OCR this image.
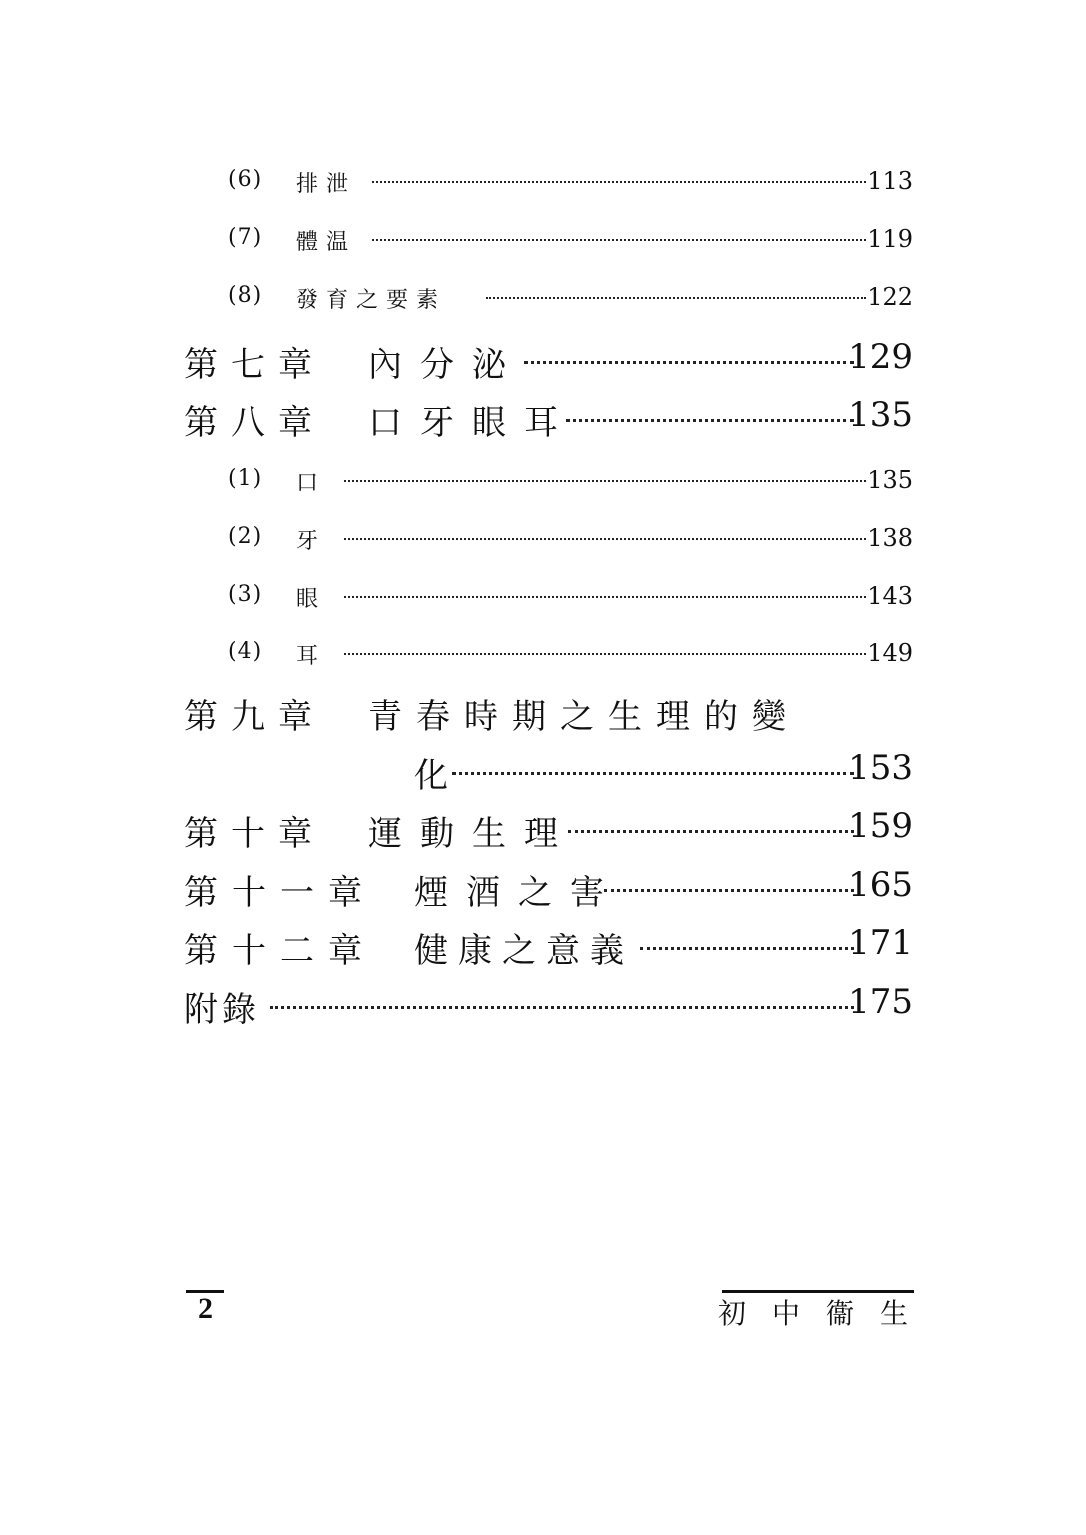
(6) 排泄	113
(7) 體温	119
(8) 發育之要素	122
第七章 內分泌	129
第八章 口牙眼耳	135
(1) 口	135
(2) 牙	138
(3) 眼	143
(4) 耳	149
第九章 青春時期之生理的變
化	153
第十章 運動生理	159
第十一章 煙酒之害	165
第十二章 健康之意義	171
附錄	175
2	初中衞生
